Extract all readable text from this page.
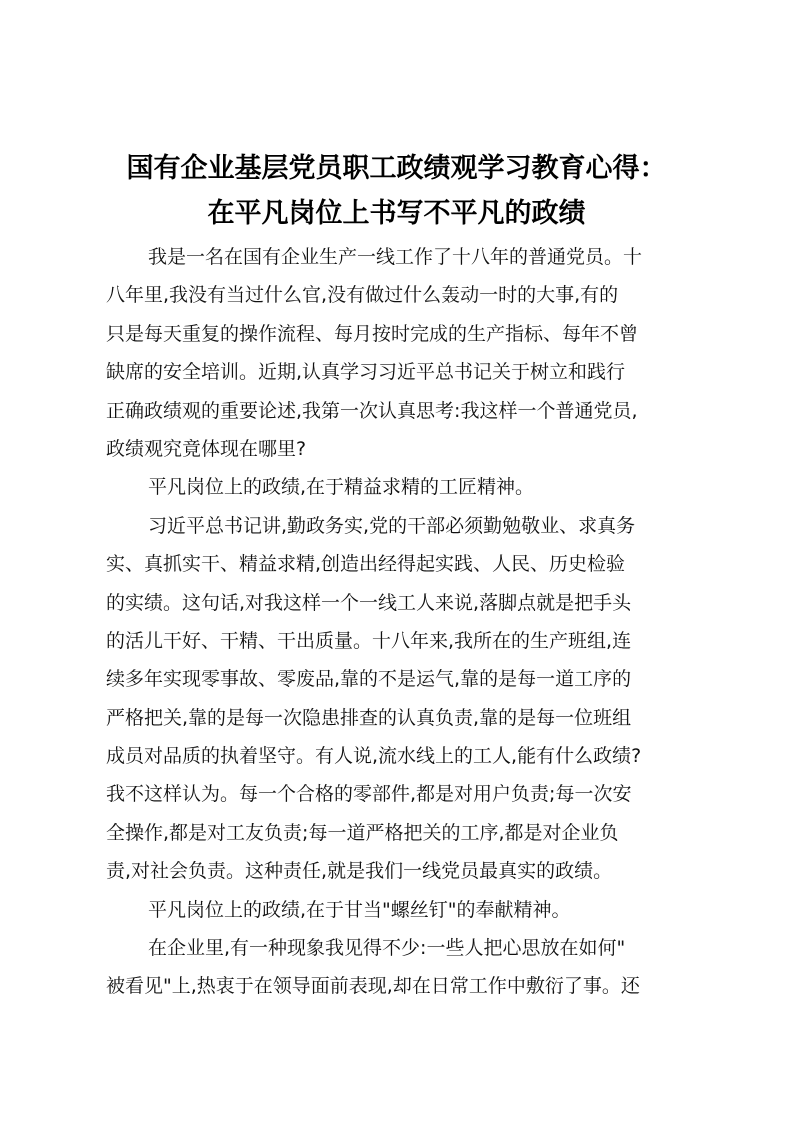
国有企业基层党员职工政绩观学习教育心得：
在平凡岗位上书写不平凡的政绩
我是一名在国有企业生产一线工作了十八年的普通党员。十
八年里,我没有当过什么官,没有做过什么轰动一时的大事,有的
只是每天重复的操作流程、每月按时完成的生产指标、每年不曾
缺席的安全培训。近期,认真学习习近平总书记关于树立和践行
正确政绩观的重要论述,我第一次认真思考:我这样一个普通党员,
政绩观究竟体现在哪里?
平凡岗位上的政绩,在于精益求精的工匠精神。
习近平总书记讲,勤政务实,党的干部必须勤勉敬业、求真务
实、真抓实干、精益求精,创造出经得起实践、人民、历史检验
的实绩。这句话,对我这样一个一线工人来说,落脚点就是把手头
的活儿干好、干精、干出质量。十八年来,我所在的生产班组,连
续多年实现零事故、零废品,靠的不是运气,靠的是每一道工序的
严格把关,靠的是每一次隐患排查的认真负责,靠的是每一位班组
成员对品质的执着坚守。有人说,流水线上的工人,能有什么政绩?
我不这样认为。每一个合格的零部件,都是对用户负责;每一次安
全操作,都是对工友负责;每一道严格把关的工序,都是对企业负
责,对社会负责。这种责任,就是我们一线党员最真实的政绩。
平凡岗位上的政绩,在于甘当"螺丝钉"的奉献精神。
在企业里,有一种现象我见得不少:一些人把心思放在如何"
被看见"上,热衷于在领导面前表现,却在日常工作中敷衍了事。还
